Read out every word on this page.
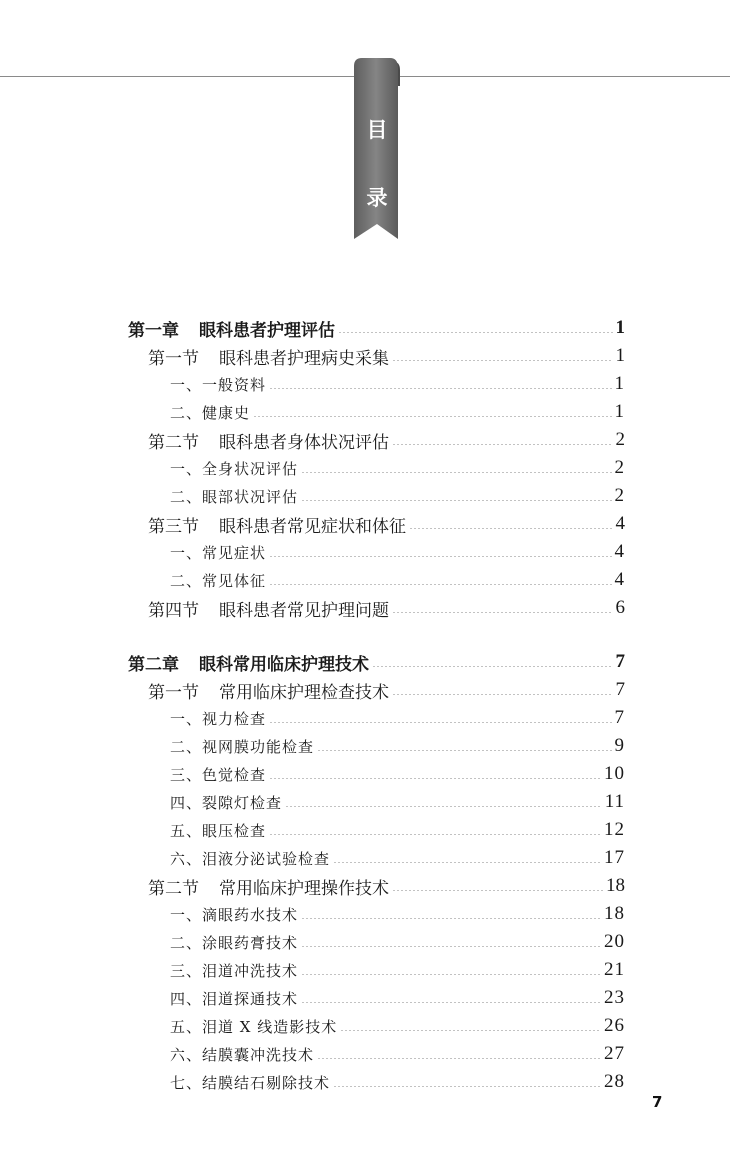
目
录
第一章 眼科患者护理评估	1
第一节 眼科患者护理病史采集	1
一、一般资料	1
二、健康史	1
第二节 眼科患者身体状况评估	2
一、全身状况评估	2
二、眼部状况评估	2
第三节 眼科患者常见症状和体征	4
一、常见症状	4
二、常见体征	4
第四节 眼科患者常见护理问题	6
第二章 眼科常用临床护理技术	7
第一节 常用临床护理检查技术	7
一、视力检查	7
二、视网膜功能检查	9
三、色觉检查	10
四、裂隙灯检查	11
五、眼压检查	12
六、泪液分泌试验检查	17
第二节 常用临床护理操作技术	18
一、滴眼药水技术	18
二、涂眼药膏技术	20
三、泪道冲洗技术	21
四、泪道探通技术	23
五、泪道 X 线造影技术	26
六、结膜囊冲洗技术	27
七、结膜结石剔除技术	28
7
